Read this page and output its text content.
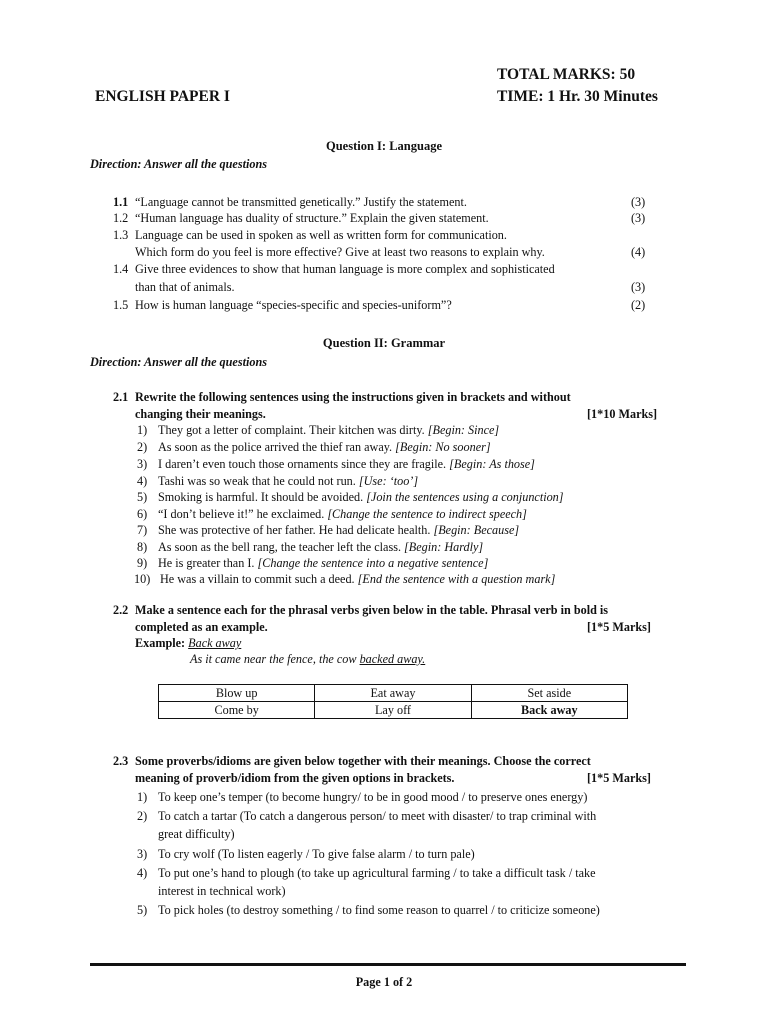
TOTAL MARKS: 50
ENGLISH PAPER I	TIME: 1 Hr. 30 Minutes
Question I: Language
Direction: Answer all the questions
1.1 “Language cannot be transmitted genetically.” Justify the statement.	(3)
1.2 “Human language has duality of structure.” Explain the given statement.	(3)
1.3 Language can be used in spoken as well as written form for communication.
Which form do you feel is more effective? Give at least two reasons to explain why.	(4)
1.4 Give three evidences to show that human language is more complex and sophisticated
than that of animals.	(3)
1.5 How is human language “species-specific and species-uniform”?	(2)
Question II: Grammar
Direction: Answer all the questions
2.1 Rewrite the following sentences using the instructions given in brackets and without
changing their meanings.	[1*10 Marks]
1) They got a letter of complaint. Their kitchen was dirty. [Begin: Since]
2) As soon as the police arrived the thief ran away. [Begin: No sooner]
3) I daren’t even touch those ornaments since they are fragile. [Begin: As those]
4) Tashi was so weak that he could not run. [Use: ‘too’]
5) Smoking is harmful. It should be avoided. [Join the sentences using a conjunction]
6) “I don’t believe it!” he exclaimed. [Change the sentence to indirect speech]
7) She was protective of her father. He had delicate health. [Begin: Because]
8) As soon as the bell rang, the teacher left the class. [Begin: Hardly]
9) He is greater than I. [Change the sentence into a negative sentence]
10) He was a villain to commit such a deed. [End the sentence with a question mark]
2.2 Make a sentence each for the phrasal verbs given below in the table. Phrasal verb in bold is
completed as an example.	[1*5 Marks]
Example: Back away
As it came near the fence, the cow backed away.
Blow up	Eat away	Set aside
Come by	Lay off	Back away
2.3 Some proverbs/idioms are given below together with their meanings. Choose the correct
meaning of proverb/idiom from the given options in brackets.	[1*5 Marks]
1) To keep one’s temper (to become hungry/ to be in good mood / to preserve ones energy)
2) To catch a tartar (To catch a dangerous person/ to meet with disaster/ to trap criminal with
great difficulty)
3) To cry wolf (To listen eagerly / To give false alarm / to turn pale)
4) To put one’s hand to plough (to take up agricultural farming / to take a difficult task / take
interest in technical work)
5) To pick holes (to destroy something / to find some reason to quarrel / to criticize someone)
Page 1 of 2
